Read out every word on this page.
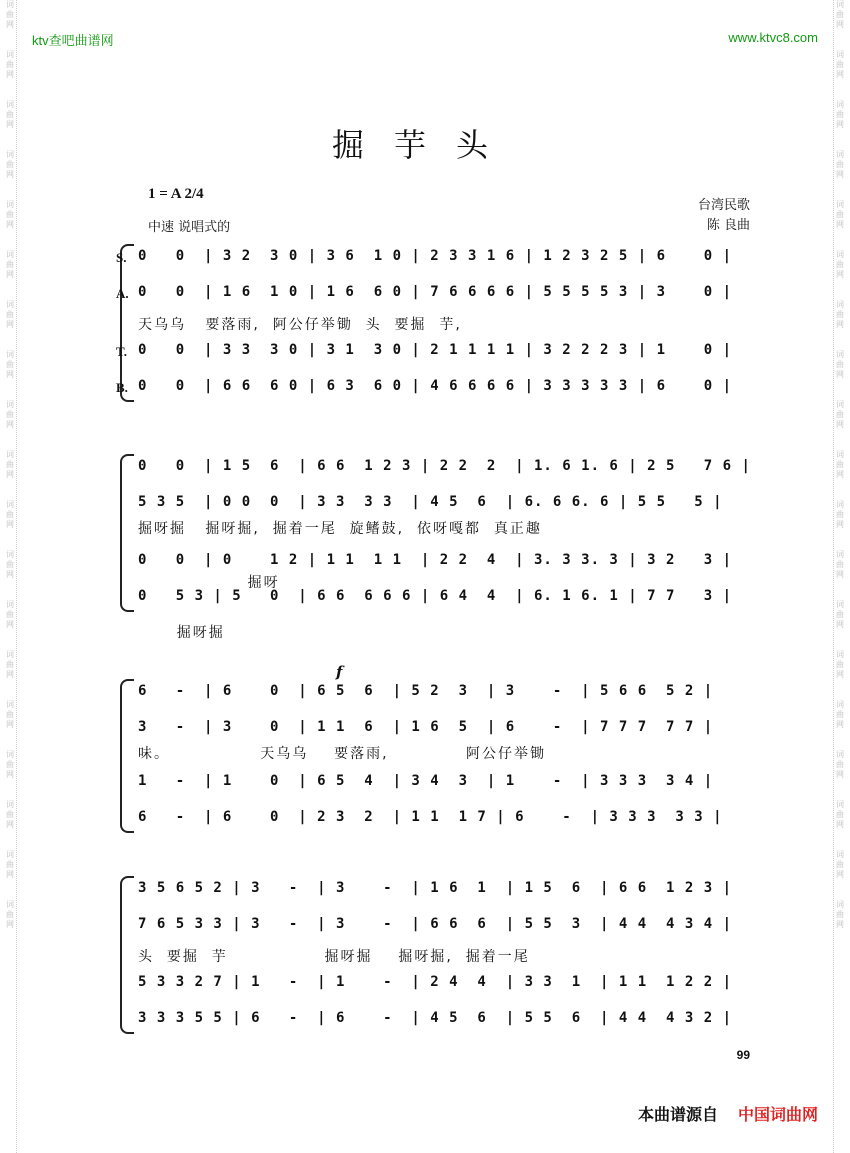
词
曲
网

词
曲
网

词
曲
网

词
曲
网

词
曲
网

词
曲
网

词
曲
网

词
曲
网

词
曲
网

词
曲
网

词
曲
网

词
曲
网

词
曲
网

词
曲
网

词
曲
网

词
曲
网

词
曲
网

词
曲
网

词
曲
网

词
曲
网

词
曲
网

词
曲
网

词
曲
网

词
曲
网

词
曲
网

词
曲
网

词
曲
网

词
曲
网

词
曲
网

词
曲
网

词
曲
网

词
曲
网

词
曲
网

词
曲
网

词
曲
网

词
曲
网

词
曲
网

词
曲
网

ktv查吧曲谱网	www.ktvc8.com
掘芋头
1 = A 2/4
中速 说唱式的
台湾民歌
陈 良曲
S. 0   0  | 3 2  3 0 | 3 6  1 0 | 2 3 3 1 6 | 1 2 3 2 5 | 6    0 |
A. 0   0  | 1 6  1 0 | 1 6  6 0 | 7 6 6 6 6 | 5 5 5 5 3 | 3    0 |
T. 0   0  | 3 3  3 0 | 3 1  3 0 | 2 1 1 1 1 | 3 2 2 2 3 | 1    0 |
B. 0   0  | 6 6  6 0 | 6 3  6 0 | 4 6 6 6 6 | 3 3 3 3 3 | 6    0 |
天乌乌   要落雨,  阿公仔举锄  头  要掘  芋,
0   0  | 1 5  6  | 6 6  1 2 3 | 2 2  2  | 1. 6 1. 6 | 2 5   7 6 |
5 3 5  | 0 0  0  | 3 3  3 3  | 4 5  6  | 6. 6 6. 6 | 5 5   5 |
0   0  | 0    1 2 | 1 1  1 1  | 2 2  4  | 3. 3 3. 3 | 3 2   3 |
0   5 3 | 5   0  | 6 6  6 6 6 | 6 4  4  | 6. 1 6. 1 | 7 7   3 |
掘呀掘   掘呀掘,  掘着一尾  旋鳍鼓,  依呀嘎都  真正趣
掘呀
掘呀掘
6   -  | 6    0  | 6 5  6  | 5 2  3  | 3    -  | 5 6 6  5 2 |
3   -  | 3    0  | 1 1  6  | 1 6  5  | 6    -  | 7 7 7  7 7 |
1   -  | 1    0  | 6 5  4  | 3 4  3  | 1    -  | 3 3 3  3 4 |
6   -  | 6    0  | 2 3  2  | 1 1  1 7 | 6    -  | 3 3 3  3 3 |
f
味。              天乌乌    要落雨,            阿公仔举锄
3 5 6 5 2 | 3   -  | 3    -  | 1 6  1  | 1 5  6  | 6 6  1 2 3 |
7 6 5 3 3 | 3   -  | 3    -  | 6 6  6  | 5 5  3  | 4 4  4 3 4 |
5 3 3 2 7 | 1   -  | 1    -  | 2 4  4  | 3 3  1  | 1 1  1 2 2 |
3 3 3 5 5 | 6   -  | 6    -  | 4 5  6  | 5 5  6  | 4 4  4 3 2 |
头  要掘  芋               掘呀掘    掘呀掘,  掘着一尾
99
本曲谱源自 中国词曲网
